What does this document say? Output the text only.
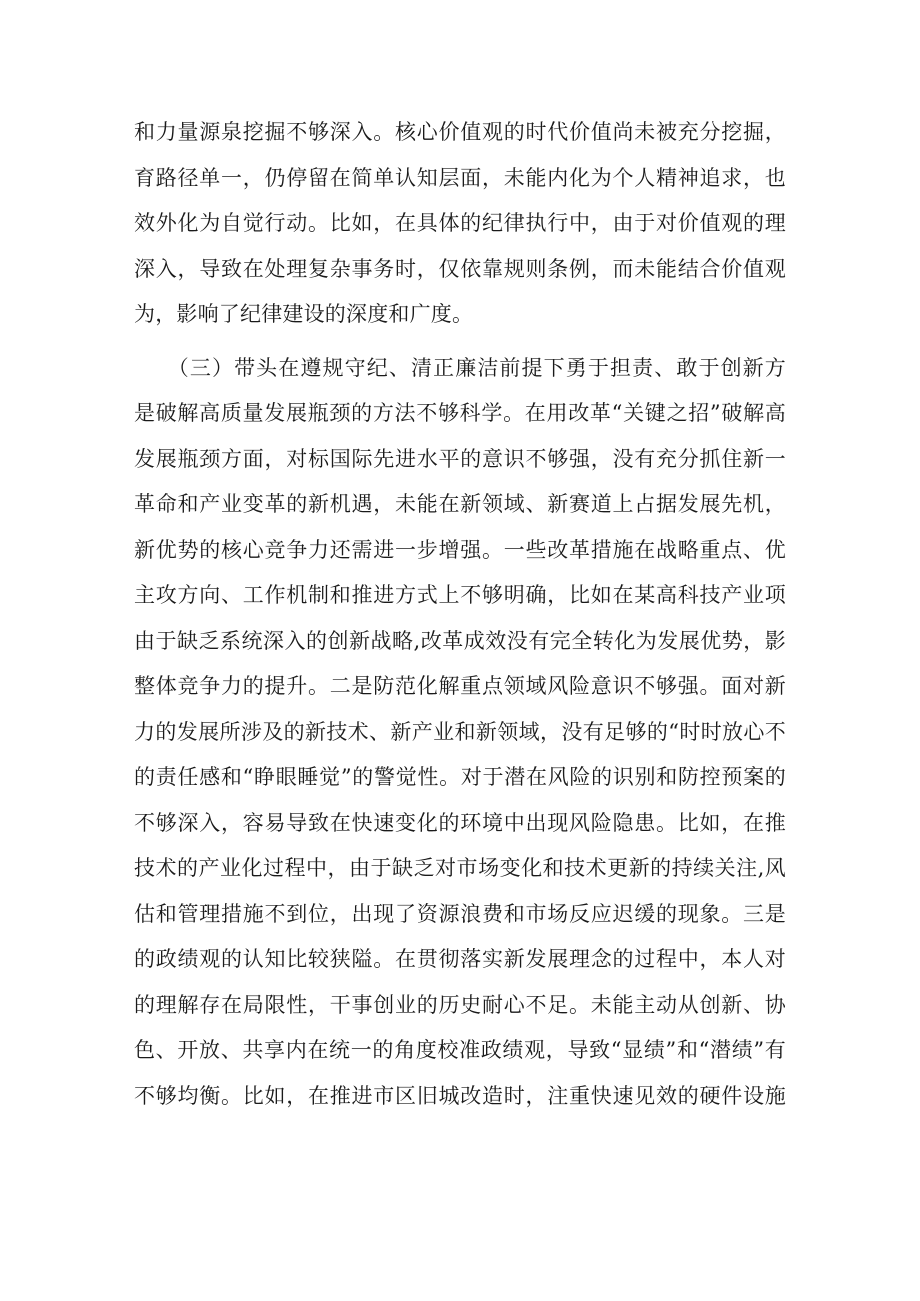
和力量源泉挖掘不够深入。核心价值观的时代价值尚未被充分挖掘，
育路径单一，仍停留在简单认知层面，未能内化为个人精神追求，也
效外化为自觉行动。比如，在具体的纪律执行中，由于对价值观的理
深入，导致在处理复杂事务时，仅依靠规则条例，而未能结合价值观
为，影响了纪律建设的深度和广度。
　　（三）带头在遵规守纪、清正廉洁前提下勇于担责、敢于创新方
是破解高质量发展瓶颈的方法不够科学。在用改革“关键之招”破解高
发展瓶颈方面，对标国际先进水平的意识不够强，没有充分抓住新一
革命和产业变革的新机遇，未能在新领域、新赛道上占据发展先机，
新优势的核心竞争力还需进一步增强。一些改革措施在战略重点、优
主攻方向、工作机制和推进方式上不够明确，比如在某高科技产业项
由于缺乏系统深入的创新战略,改革成效没有完全转化为发展优势，影
整体竞争力的提升。二是防范化解重点领域风险意识不够强。面对新
力的发展所涉及的新技术、新产业和新领域，没有足够的“时时放心不
的责任感和“睁眼睡觉”的警觉性。对于潜在风险的识别和防控预案的
不够深入，容易导致在快速变化的环境中出现风险隐患。比如，在推
技术的产业化过程中，由于缺乏对市场变化和技术更新的持续关注,风
估和管理措施不到位，出现了资源浪费和市场反应迟缓的现象。三是
的政绩观的认知比较狭隘。在贯彻落实新发展理念的过程中，本人对
的理解存在局限性，干事创业的历史耐心不足。未能主动从创新、协
色、开放、共享内在统一的角度校准政绩观，导致“显绩”和“潜绩”有
不够均衡。比如，在推进市区旧城改造时，注重快速见效的硬件设施
